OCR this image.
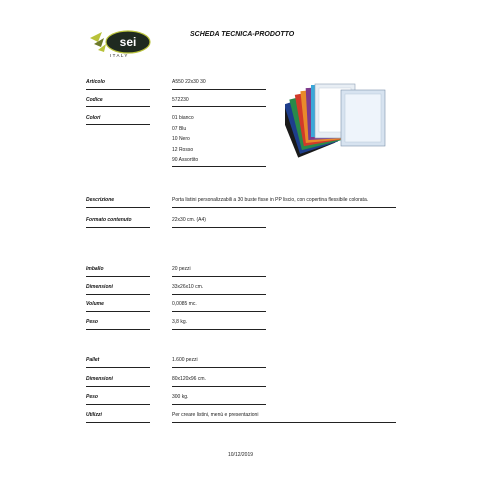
sei
ITALY
SCHEDA TECNICA-PRODOTTO
Articolo	A550 22x30 30
Codice	572230
Colori	01 bianco
07 Blu
10 Nero
12 Rosso
90 Assortito
Descrizione	Porta listini personalizzabili a 30 buste fisse in PP liscio, con copertina flessibile colorata.
Formato contenuto	22x30 cm. (A4)
Imballo	20 pezzi
Dimensioni	33x26x10 cm.
Volume	0,0085 mc.
Peso	3,8 kg.
Pallet	1.600 pezzi
Dimensioni	80x120x96 cm.
Peso	300 kg.
Utilizzi	Per creare listini, menù e presentazioni
10/12/2019
